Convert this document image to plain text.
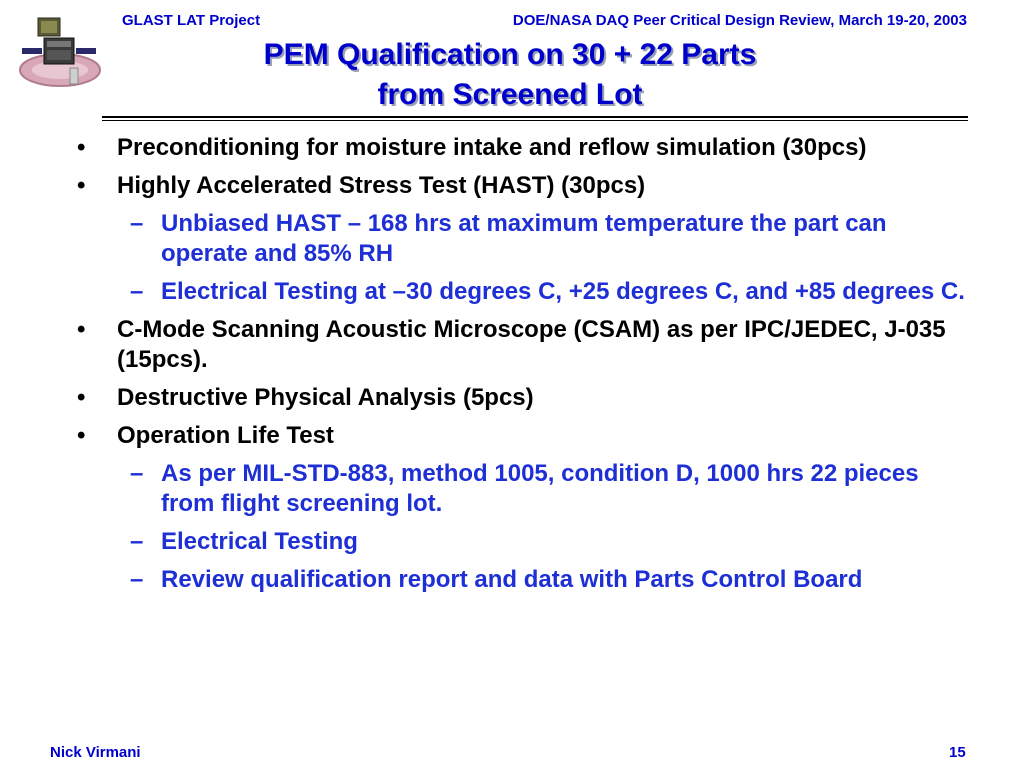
GLAST LAT Project	DOE/NASA DAQ Peer Critical Design Review, March 19-20, 2003
PEM Qualification on 30 + 22 Parts
from Screened Lot
• Preconditioning for moisture intake and reflow simulation (30pcs)
• Highly Accelerated Stress Test (HAST) (30pcs)
– Unbiased HAST – 168 hrs at maximum temperature the part can operate and 85% RH
– Electrical Testing at –30 degrees C, +25 degrees C, and +85 degrees C.
• C-Mode Scanning Acoustic Microscope (CSAM) as per IPC/JEDEC, J-035 (15pcs).
• Destructive Physical Analysis (5pcs)
• Operation Life Test
– As per MIL-STD-883, method 1005, condition D, 1000 hrs 22 pieces from flight screening lot.
– Electrical Testing
– Review qualification report and data with Parts Control Board
Nick Virmani	15
